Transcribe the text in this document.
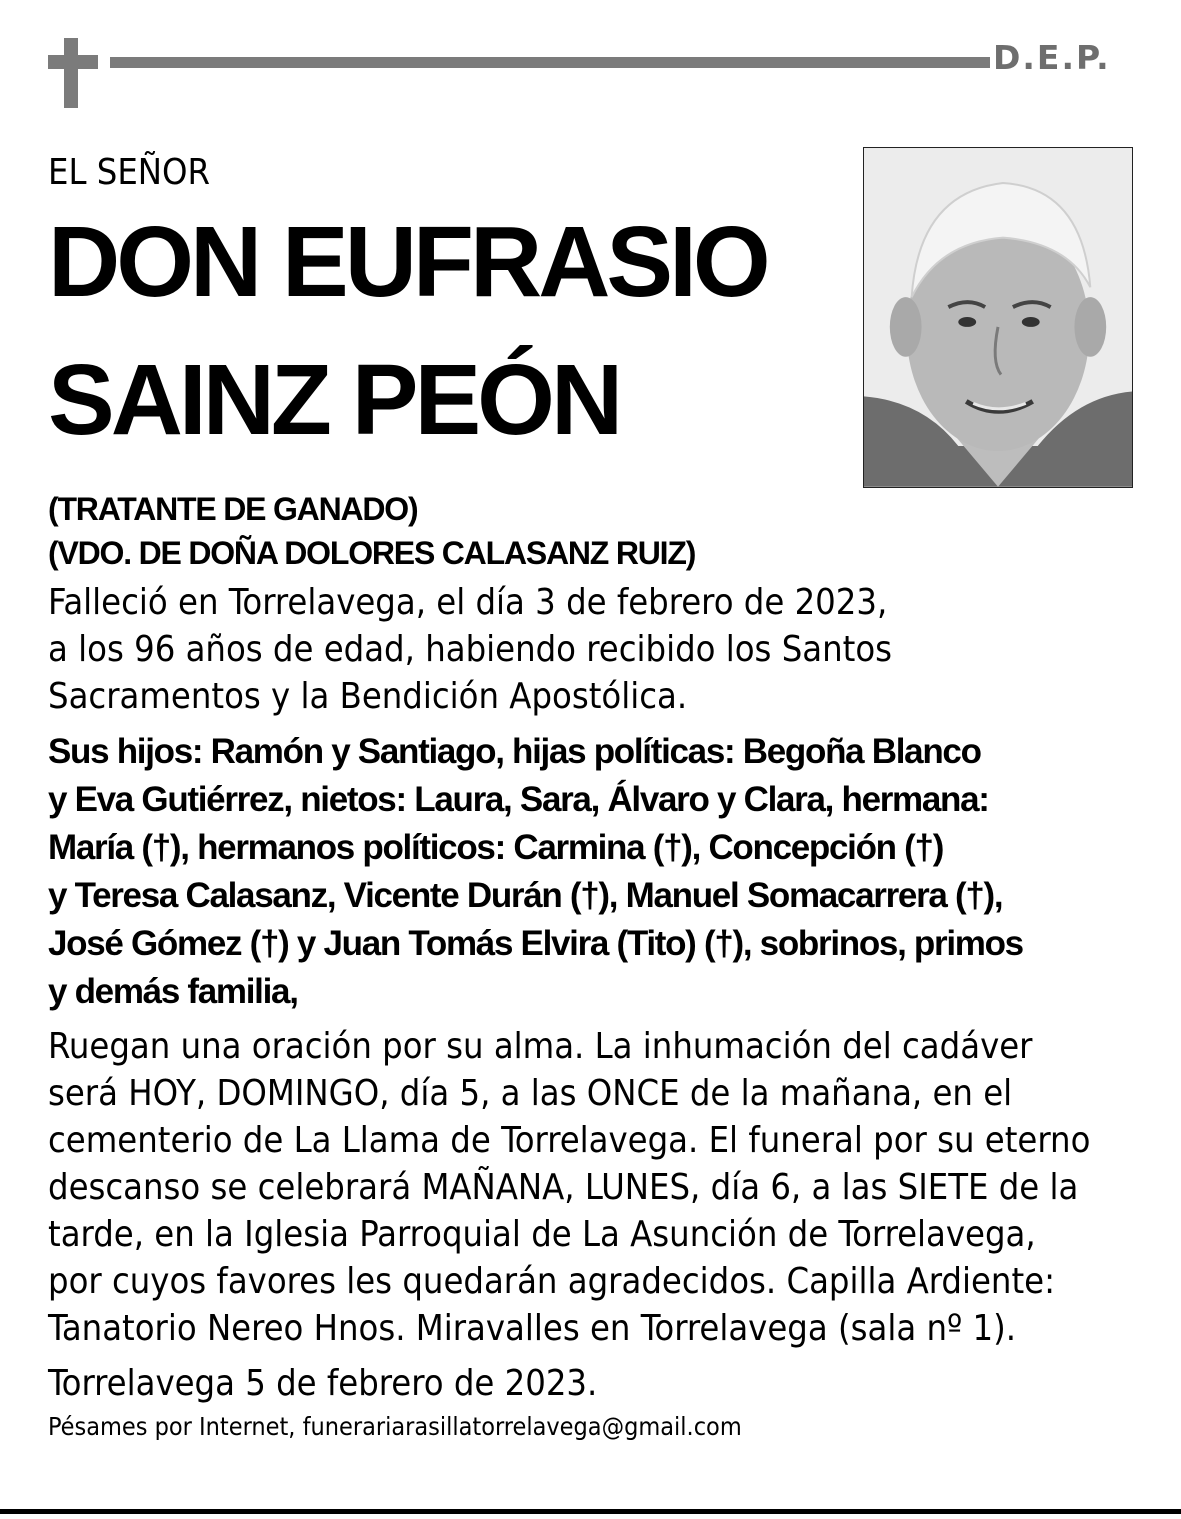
D.E.P.
EL SEÑOR
DON EUFRASIO
SAINZ PEÓN
(TRATANTE DE GANADO)
(VDO. DE DOÑA DOLORES CALASANZ RUIZ)
Falleció en Torrelavega, el día 3 de febrero de 2023,
a los 96 años de edad, habiendo recibido los Santos
Sacramentos y la Bendición Apostólica.
Sus hijos: Ramón y Santiago, hijas políticas: Begoña Blanco
y Eva Gutiérrez, nietos: Laura, Sara, Álvaro y Clara, hermana:
María (†), hermanos políticos: Carmina (†), Concepción (†)
y Teresa Calasanz, Vicente Durán (†), Manuel Somacarrera (†),
José Gómez (†) y Juan Tomás Elvira (Tito) (†), sobrinos, primos
y demás familia,
Ruegan una oración por su alma. La inhumación del cadáver
será HOY, DOMINGO, día 5, a las ONCE de la mañana, en el
cementerio de La Llama de Torrelavega. El funeral por su eterno
descanso se celebrará MAÑANA, LUNES, día 6, a las SIETE de la
tarde, en la Iglesia Parroquial de La Asunción de Torrelavega,
por cuyos favores les quedarán agradecidos. Capilla Ardiente:
Tanatorio Nereo Hnos. Miravalles en Torrelavega (sala nº 1).
Torrelavega 5 de febrero de 2023.
Pésames por Internet, funerariarasillatorrelavega@gmail.com
